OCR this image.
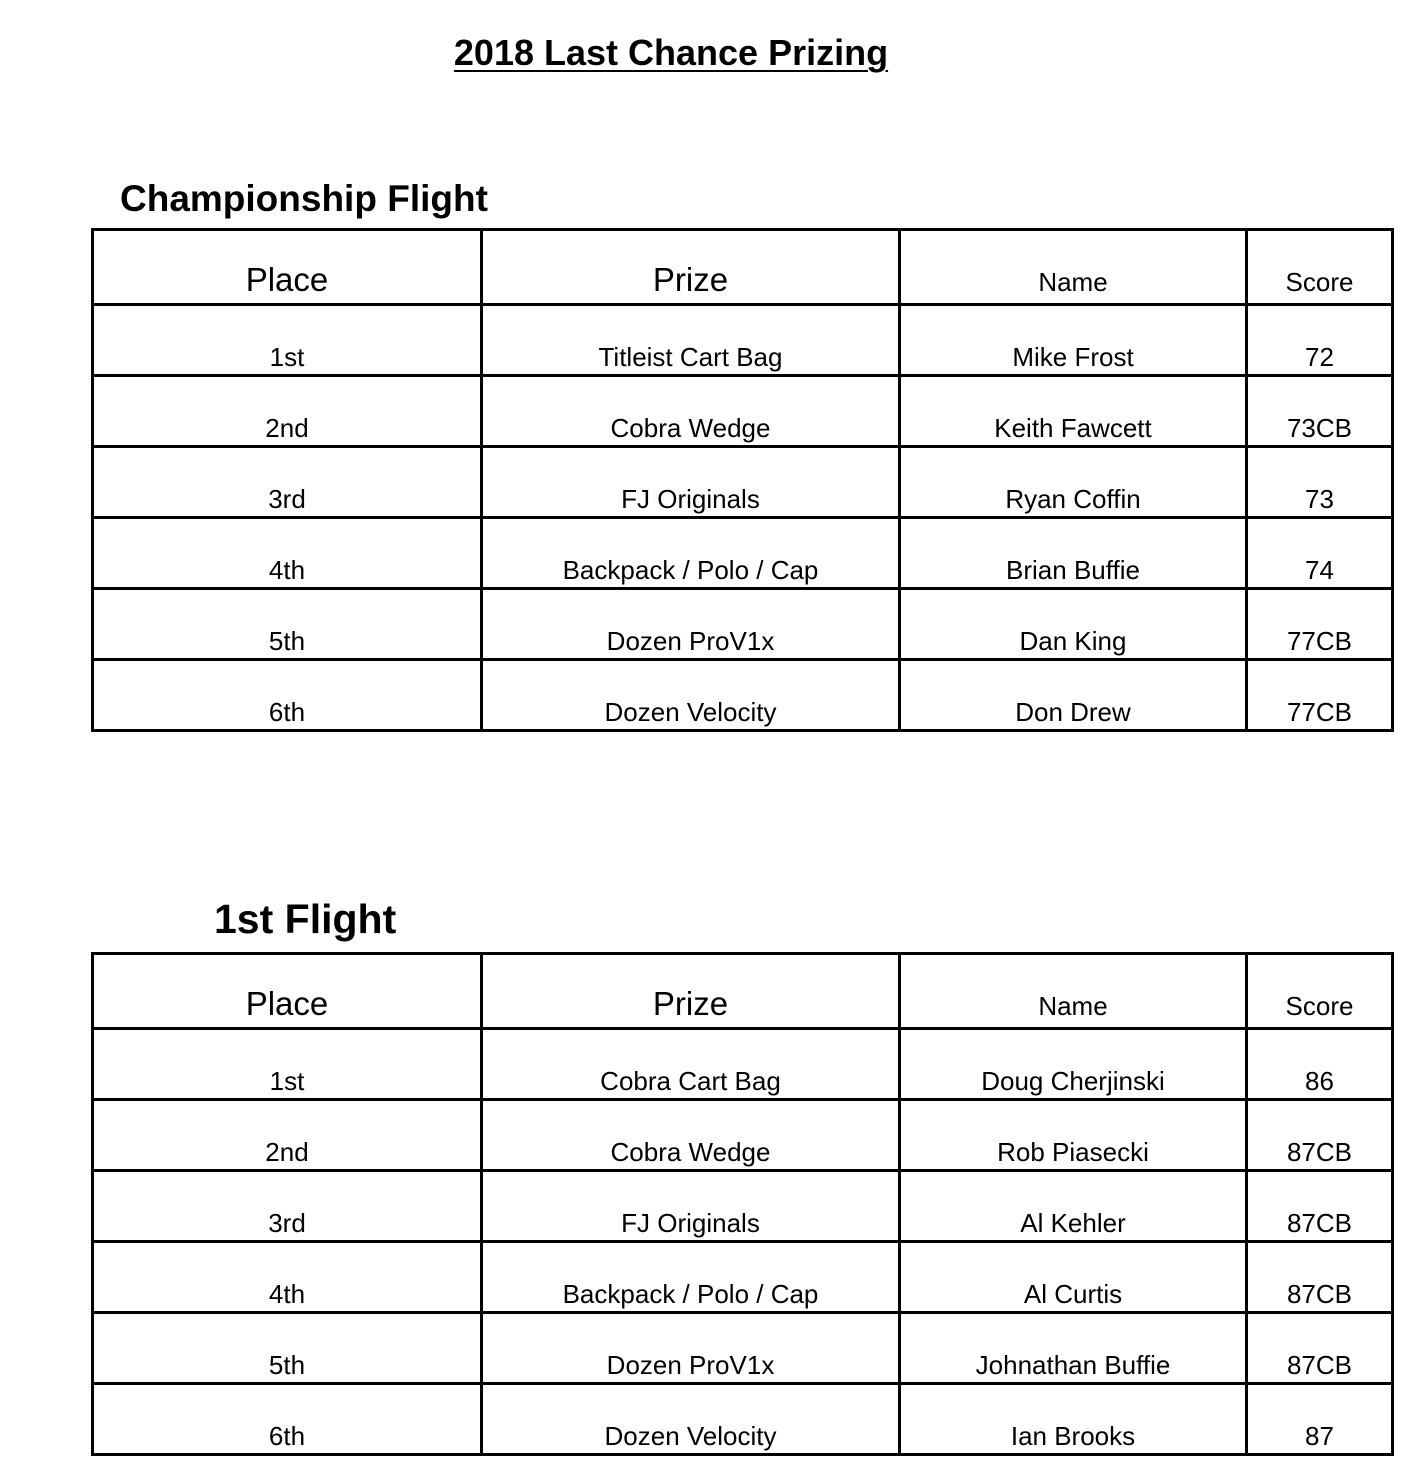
2018 Last Chance Prizing
Championship Flight
Place	Prize	Name	Score
1st	Titleist Cart Bag	Mike Frost	72
2nd	Cobra Wedge	Keith Fawcett	73CB
3rd	FJ Originals	Ryan Coffin	73
4th	Backpack / Polo / Cap	Brian Buffie	74
5th	Dozen ProV1x	Dan King	77CB
6th	Dozen Velocity	Don Drew	77CB
1st Flight
Place	Prize	Name	Score
1st	Cobra Cart Bag	Doug Cherjinski	86
2nd	Cobra Wedge	Rob Piasecki	87CB
3rd	FJ Originals	Al Kehler	87CB
4th	Backpack / Polo / Cap	Al Curtis	87CB
5th	Dozen ProV1x	Johnathan Buffie	87CB
6th	Dozen Velocity	Ian Brooks	87
